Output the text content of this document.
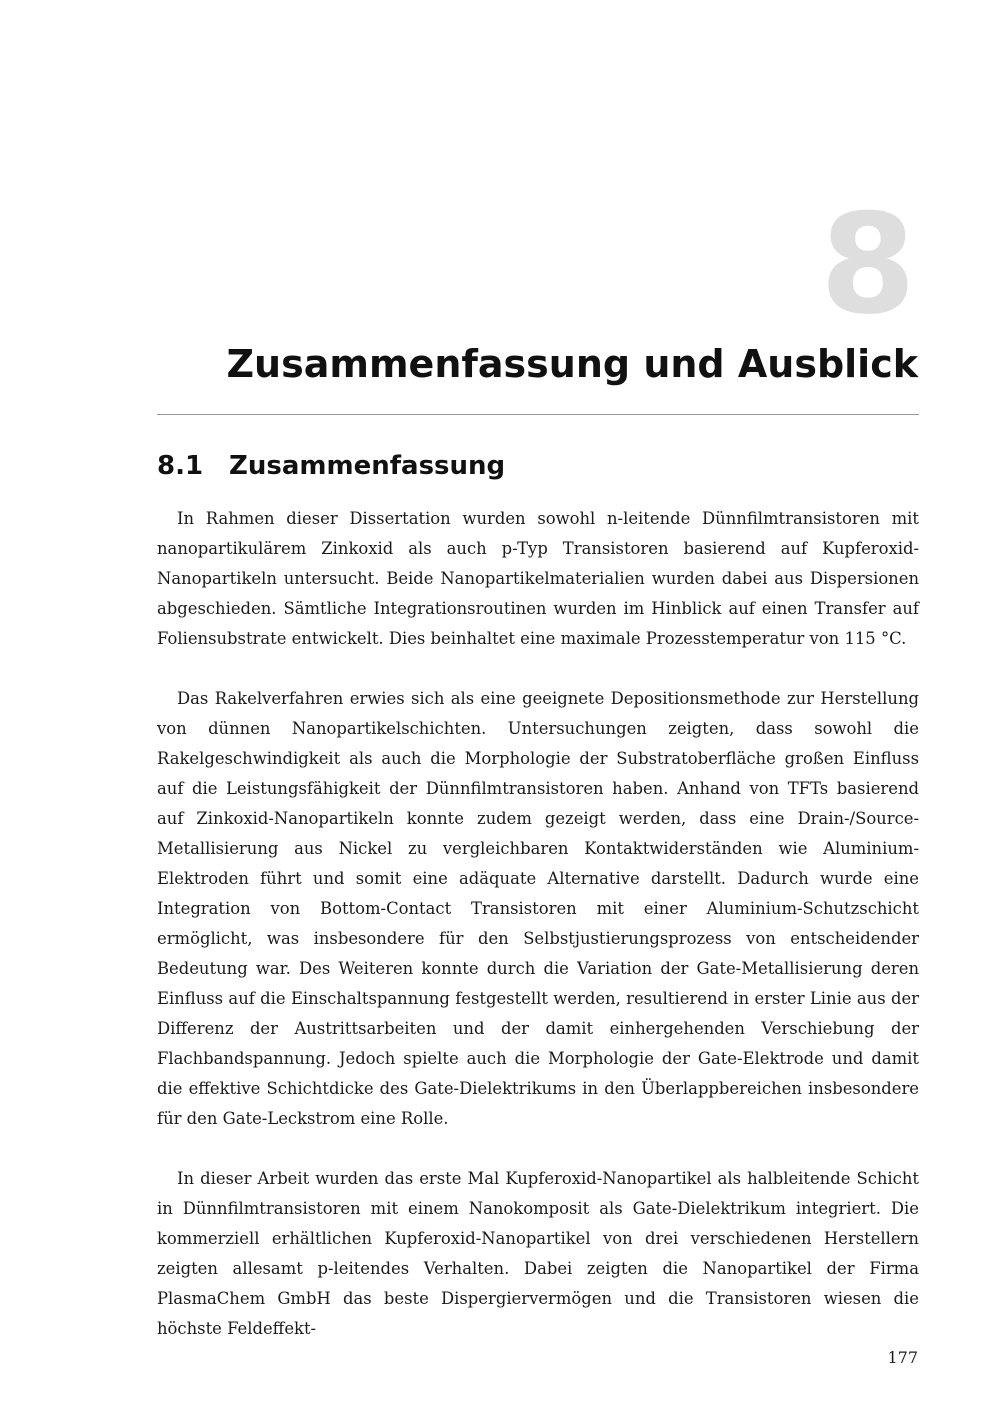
8
Zusammenfassung und Ausblick
8.1 Zusammenfassung

In Rahmen dieser Dissertation wurden sowohl n-leitende Dünnfilmtransistoren mit nanopartikulärem Zinkoxid als auch p-Typ Transistoren basierend auf Kupferoxid-Nanopartikeln untersucht. Beide Nanopartikelmaterialien wurden dabei aus Dispersionen abgeschieden. Sämtliche Integrationsroutinen wurden im Hinblick auf einen Transfer auf Foliensubstrate entwickelt. Dies beinhaltet eine maximale Prozesstemperatur von 115 °C.

Das Rakelverfahren erwies sich als eine geeignete Depositionsmethode zur Herstellung von dünnen Nanopartikelschichten. Untersuchungen zeigten, dass sowohl die Rakelgeschwindigkeit als auch die Morphologie der Substratoberfläche großen Einfluss auf die Leistungsfähigkeit der Dünnfilmtransistoren haben. Anhand von TFTs basierend auf Zinkoxid-Nanopartikeln konnte zudem gezeigt werden, dass eine Drain-/Source-Metallisierung aus Nickel zu vergleichbaren Kontaktwiderständen wie Aluminium-Elektroden führt und somit eine adäquate Alternative darstellt. Dadurch wurde eine Integration von Bottom-Contact Transistoren mit einer Aluminium-Schutzschicht ermöglicht, was insbesondere für den Selbstjustierungsprozess von entscheidender Bedeutung war. Des Weiteren konnte durch die Variation der Gate-Metallisierung deren Einfluss auf die Einschaltspannung festgestellt werden, resultierend in erster Linie aus der Differenz der Austrittsarbeiten und der damit einhergehenden Verschiebung der Flachbandspannung. Jedoch spielte auch die Morphologie der Gate-Elektrode und damit die effektive Schichtdicke des Gate-Dielektrikums in den Überlappbereichen insbesondere für den Gate-Leckstrom eine Rolle.

In dieser Arbeit wurden das erste Mal Kupferoxid-Nanopartikel als halbleitende Schicht in Dünnfilmtransistoren mit einem Nanokomposit als Gate-Dielektrikum integriert. Die kommerziell erhältlichen Kupferoxid-Nanopartikel von drei verschiedenen Herstellern zeigten allesamt p-leitendes Verhalten. Dabei zeigten die Nanopartikel der Firma PlasmaChem GmbH das beste Dispergiervermögen und die Transistoren wiesen die höchste Feldeffekt-

177
